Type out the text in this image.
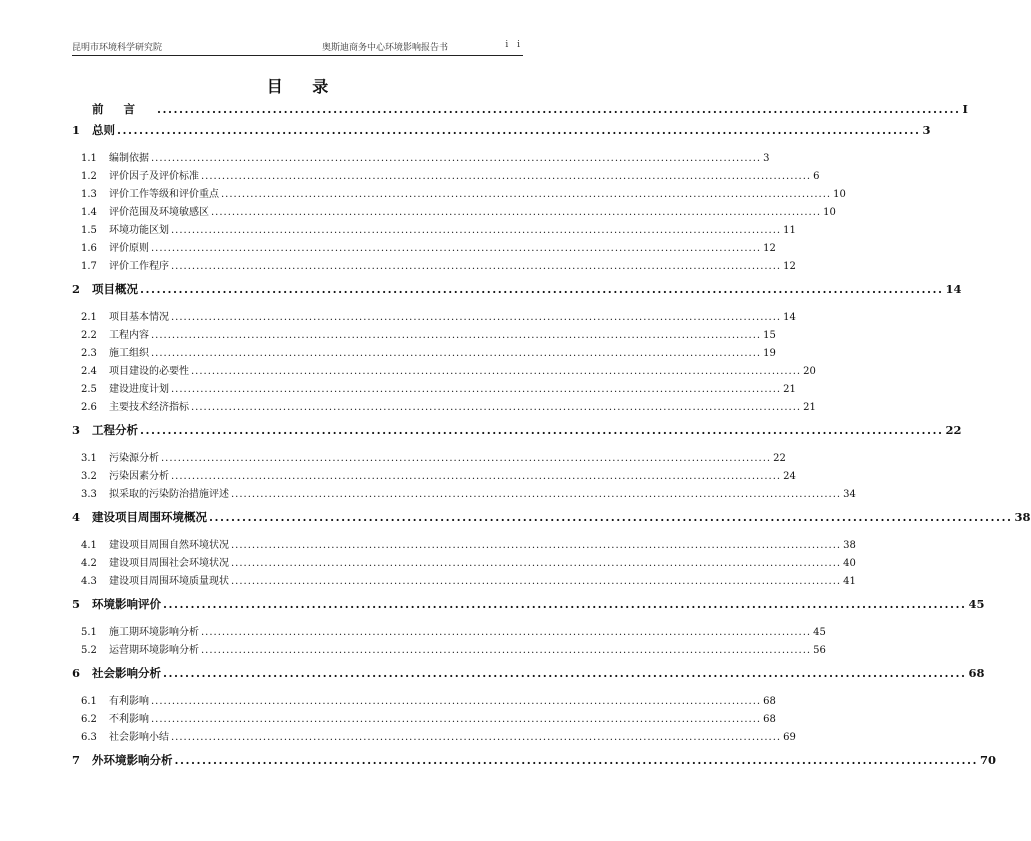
昆明市环境科学研究院	奥斯迪商务中心环境影响报告书	i i
目 录
前言 .................................................................................................................................................. I
1	总则 .................................................................................................................................................. 3
1.1	编制依据 .................................................................................................................................................. 3
1.2	评价因子及评价标准 .................................................................................................................................................. 6
1.3	评价工作等级和评价重点 .................................................................................................................................................. 10
1.4	评价范围及环境敏感区 .................................................................................................................................................. 10
1.5	环境功能区划 .................................................................................................................................................. 11
1.6	评价原则 .................................................................................................................................................. 12
1.7	评价工作程序 .................................................................................................................................................. 12
2	项目概况 .................................................................................................................................................. 14
2.1	项目基本情况 .................................................................................................................................................. 14
2.2	工程内容 .................................................................................................................................................. 15
2.3	施工组织 .................................................................................................................................................. 19
2.4	项目建设的必要性 .................................................................................................................................................. 20
2.5	建设进度计划 .................................................................................................................................................. 21
2.6	主要技术经济指标 .................................................................................................................................................. 21
3	工程分析 .................................................................................................................................................. 22
3.1	污染源分析 .................................................................................................................................................. 22
3.2	污染因素分析 .................................................................................................................................................. 24
3.3	拟采取的污染防治措施评述 .................................................................................................................................................. 34
4	建设项目周围环境概况 .................................................................................................................................................. 38
4.1	建设项目周围自然环境状况 .................................................................................................................................................. 38
4.2	建设项目周围社会环境状况 .................................................................................................................................................. 40
4.3	建设项目周围环境质量现状 .................................................................................................................................................. 41
5	环境影响评价 .................................................................................................................................................. 45
5.1	施工期环境影响分析 .................................................................................................................................................. 45
5.2	运营期环境影响分析 .................................................................................................................................................. 56
6	社会影响分析 .................................................................................................................................................. 68
6.1	有利影响 .................................................................................................................................................. 68
6.2	不利影响 .................................................................................................................................................. 68
6.3	社会影响小结 .................................................................................................................................................. 69
7	外环境影响分析 .................................................................................................................................................. 70
